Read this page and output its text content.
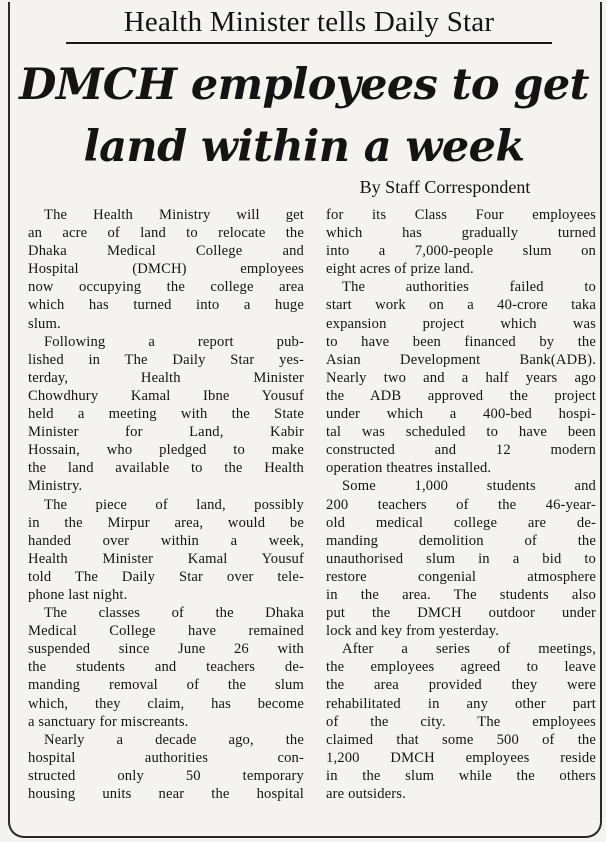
Health Minister tells Daily Star
DMCH employees to get
land within a week
By Staff Correspondent
The Health Ministry will get
an acre of land to relocate the
Dhaka Medical College and
Hospital (DMCH) employees
now occupying the college area
which has turned into a huge
slum.
Following a report pub-
lished in The Daily Star yes-
terday, Health Minister
Chowdhury Kamal Ibne Yousuf
held a meeting with the State
Minister for Land, Kabir
Hossain, who pledged to make
the land available to the Health
Ministry.
The piece of land, possibly
in the Mirpur area, would be
handed over within a week,
Health Minister Kamal Yousuf
told The Daily Star over tele-
phone last night.
The classes of the Dhaka
Medical College have remained
suspended since June 26 with
the students and teachers de-
manding removal of the slum
which, they claim, has become
a sanctuary for miscreants.
Nearly a decade ago, the
hospital authorities con-
structed only 50 temporary
housing units near the hospital
for its Class Four employees
which has gradually turned
into a 7,000-people slum on
eight acres of prize land.
The authorities failed to
start work on a 40-crore taka
expansion project which was
to have been financed by the
Asian Development Bank(ADB).
Nearly two and a half years ago
the ADB approved the project
under which a 400-bed hospi-
tal was scheduled to have been
constructed and 12 modern
operation theatres installed.
Some 1,000 students and
200 teachers of the 46-year-
old medical college are de-
manding demolition of the
unauthorised slum in a bid to
restore congenial atmosphere
in the area. The students also
put the DMCH outdoor under
lock and key from yesterday.
After a series of meetings,
the employees agreed to leave
the area provided they were
rehabilitated in any other part
of the city. The employees
claimed that some 500 of the
1,200 DMCH employees reside
in the slum while the others
are outsiders.
